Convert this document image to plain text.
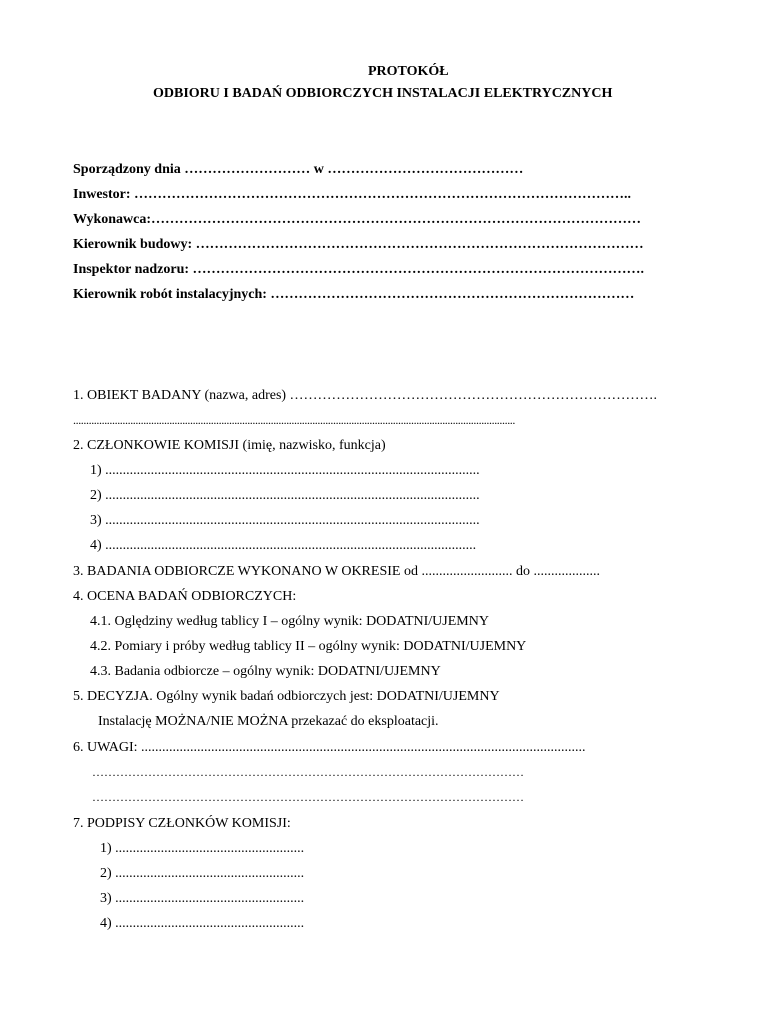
PROTOKÓŁ
ODBIORU I BADAŃ ODBIORCZYCH INSTALACJI ELEKTRYCZNYCH
Sporządzony dnia ……………………… w ……………………………………
Inwestor: ……………………………………………………………………………………………..
Wykonawca:……………………………………………………………………………………………
Kierownik budowy: ……………………………………………………………………………………
Inspektor nadzoru: …………………………………………………………………………………….
Kierownik robót instalacyjnych: ……………………………………………………………………
1. OBIEKT BADANY (nazwa, adres) …………………………………………………………………….
..........................................................................................................................................................................
2. CZŁONKOWIE KOMISJI (imię, nazwisko, funkcja)
1) ...........................................................................................................
2) ...........................................................................................................
3) ...........................................................................................................
4) ..........................................................................................................
3. BADANIA ODBIORCZE WYKONANO W OKRESIE od .......................... do ...................
4. OCENA BADAŃ ODBIORCZYCH:
4.1. Oględziny według tablicy I – ogólny wynik: DODATNI/UJEMNY
4.2. Pomiary i próby według tablicy II – ogólny wynik: DODATNI/UJEMNY
4.3. Badania odbiorcze – ogólny wynik: DODATNI/UJEMNY
5. DECYZJA. Ogólny wynik badań odbiorczych jest: DODATNI/UJEMNY
Instalację MOŻNA/NIE MOŻNA przekazać do eksploatacji.
6. UWAGI: ...............................................................................................................................
………………………………………………………………………………………………
………………………………………………………………………………………………
7. PODPISY CZŁONKÓW KOMISJI:
1) ......................................................
2) ......................................................
3) ......................................................
4) ......................................................
